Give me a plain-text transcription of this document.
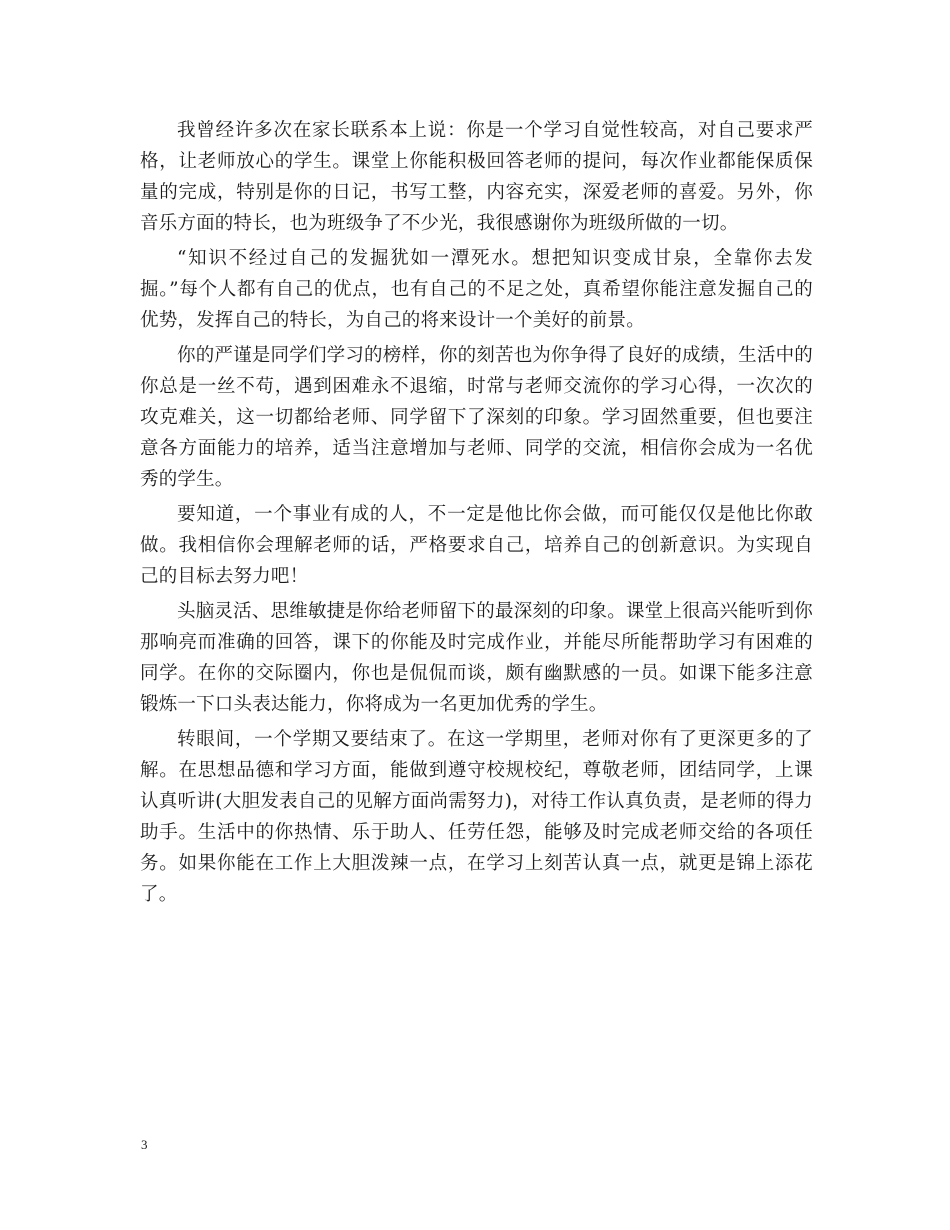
我曾经许多次在家长联系本上说：你是一个学习自觉性较高，对自己要求严格，让老师放心的学生。课堂上你能积极回答老师的提问，每次作业都能保质保量的完成，特别是你的日记，书写工整，内容充实，深爱老师的喜爱。另外，你音乐方面的特长，也为班级争了不少光，我很感谢你为班级所做的一切。

“知识不经过自己的发掘犹如一潭死水。想把知识变成甘泉，全靠你去发掘。”每个人都有自己的优点，也有自己的不足之处，真希望你能注意发掘自己的优势，发挥自己的特长，为自己的将来设计一个美好的前景。

你的严谨是同学们学习的榜样，你的刻苦也为你争得了良好的成绩，生活中的你总是一丝不苟，遇到困难永不退缩，时常与老师交流你的学习心得，一次次的攻克难关，这一切都给老师、同学留下了深刻的印象。学习固然重要，但也要注意各方面能力的培养，适当注意增加与老师、同学的交流，相信你会成为一名优秀的学生。

要知道，一个事业有成的人，不一定是他比你会做，而可能仅仅是他比你敢做。我相信你会理解老师的话，严格要求自己，培养自己的创新意识。为实现自己的目标去努力吧！

头脑灵活、思维敏捷是你给老师留下的最深刻的印象。课堂上很高兴能听到你那响亮而准确的回答，课下的你能及时完成作业，并能尽所能帮助学习有困难的同学。在你的交际圈内，你也是侃侃而谈，颇有幽默感的一员。如课下能多注意锻炼一下口头表达能力，你将成为一名更加优秀的学生。

转眼间，一个学期又要结束了。在这一学期里，老师对你有了更深更多的了解。在思想品德和学习方面，能做到遵守校规校纪，尊敬老师，团结同学，上课认真听讲(大胆发表自己的见解方面尚需努力)，对待工作认真负责，是老师的得力助手。生活中的你热情、乐于助人、任劳任怨，能够及时完成老师交给的各项任务。如果你能在工作上大胆泼辣一点，在学习上刻苦认真一点，就更是锦上添花了。

3
